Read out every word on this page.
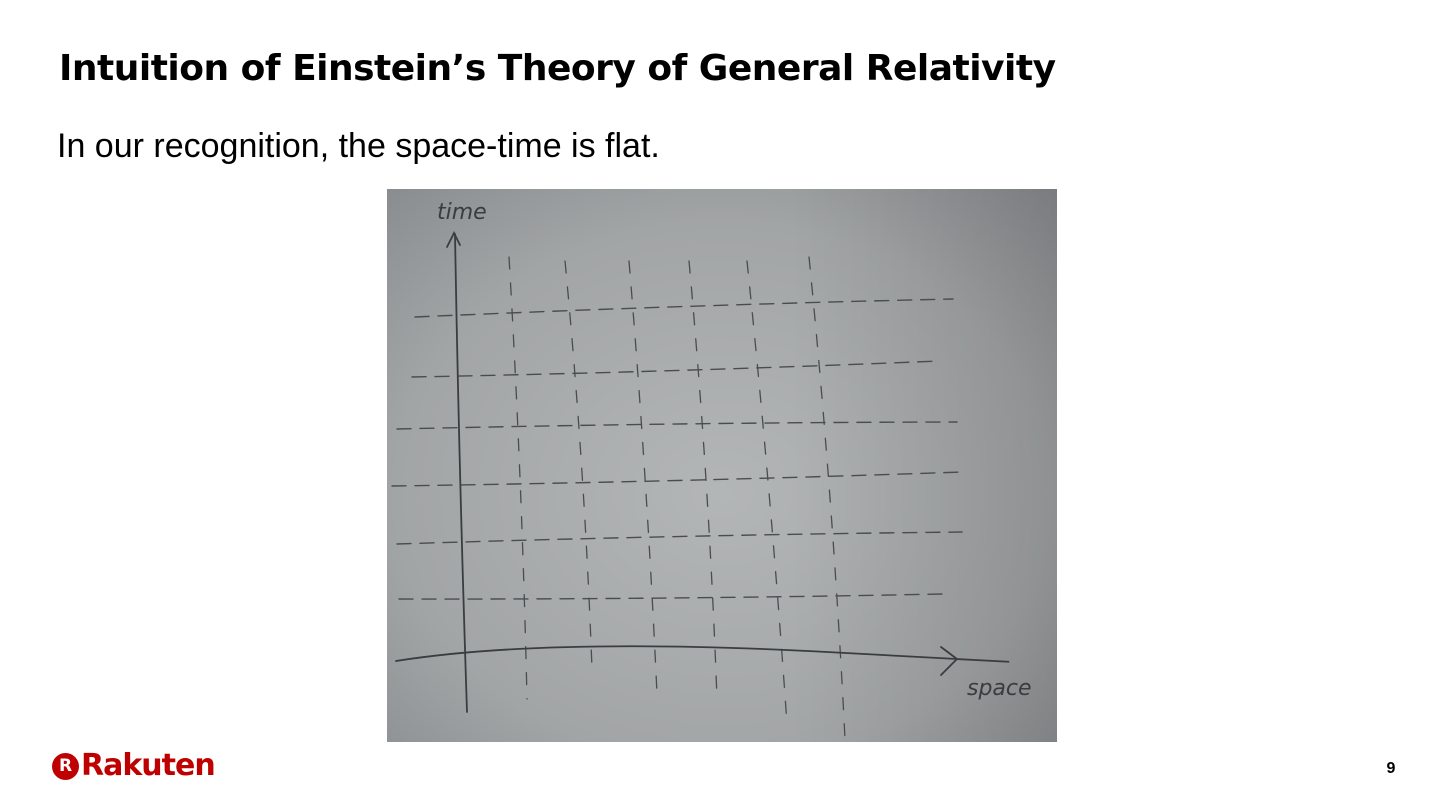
Intuition of Einstein’s Theory of General Relativity

In our recognition, the space-time is flat.

time
space
R Rakuten	9
